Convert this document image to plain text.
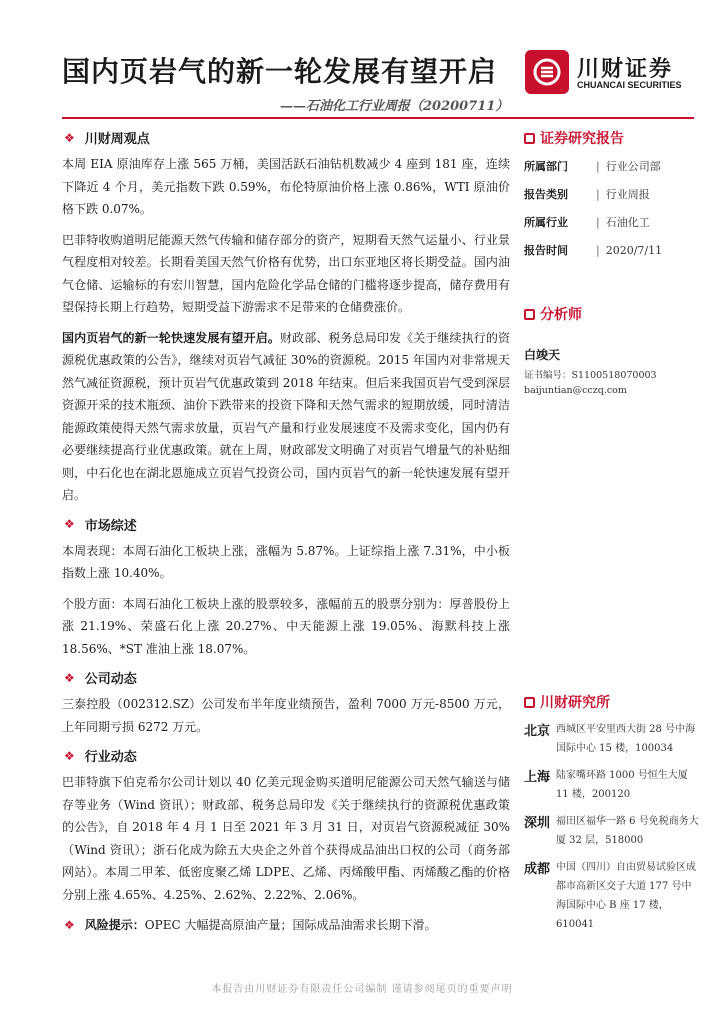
国内页岩气的新一轮发展有望开启
——石油化工行业周报（20200711）
川财证券
CHUANCAI SECURITIES
❖ 川财周观点

本周 EIA 原油库存上涨 565 万桶，美国活跃石油钻机数减少 4 座到 181 座，连续下降近 4 个月，美元指数下跌 0.59%，布伦特原油价格上涨 0.86%，WTI 原油价格下跌 0.07%。

巴菲特收购道明尼能源天然气传输和储存部分的资产，短期看天然气运量小、行业景气程度相对较差。长期看美国天然气价格有优势，出口东亚地区将长期受益。国内油气仓储、运输标的有宏川智慧，国内危险化学品仓储的门槛将逐步提高，储存费用有望保持长期上行趋势，短期受益下游需求不足带来的仓储费涨价。

国内页岩气的新一轮快速发展有望开启。财政部、税务总局印发《关于继续执行的资源税优惠政策的公告》，继续对页岩气减征 30%的资源税。2015 年国内对非常规天然气减征资源税，预计页岩气优惠政策到 2018 年结束。但后来我国页岩气受到深层资源开采的技术瓶颈、油价下跌带来的投资下降和天然气需求的短期放缓，同时清洁能源政策使得天然气需求放量，页岩气产量和行业发展速度不及需求变化，国内仍有必要继续提高行业优惠政策。就在上周，财政部发文明确了对页岩气增量气的补贴细则，中石化也在湖北恩施成立页岩气投资公司，国内页岩气的新一轮快速发展有望开启。

❖ 市场综述

本周表现：本周石油化工板块上涨，涨幅为 5.87%。上证综指上涨 7.31%，中小板指数上涨 10.40%。

个股方面：本周石油化工板块上涨的股票较多，涨幅前五的股票分别为：厚普股份上涨 21.19%、荣盛石化上涨 20.27%、中天能源上涨 19.05%、海默科技上涨 18.56%、*ST 准油上涨 18.07%。

❖ 公司动态

三泰控股（002312.SZ）公司发布半年度业绩预告，盈利 7000 万元-8500 万元，上年同期亏损 6272 万元。

❖ 行业动态

巴菲特旗下伯克希尔公司计划以 40 亿美元现金购买道明尼能源公司天然气输送与储存等业务（Wind 资讯）；财政部、税务总局印发《关于继续执行的资源税优惠政策的公告》，自 2018 年 4 月 1 日至 2021 年 3 月 31 日，对页岩气资源税减征 30%（Wind 资讯）；浙石化成为除五大央企之外首个获得成品油出口权的公司（商务部网站）。本周二甲苯、低密度聚乙烯 LDPE、乙烯、丙烯酸甲酯、丙烯酸乙酯的价格分别上涨 4.65%、4.25%、2.62%、2.22%、2.06%。

❖ 风险提示：OPEC 大幅提高原油产量；国际成品油需求长期下滑。
证券研究报告
所属部门	| 行业公司部
报告类别	| 行业周报
所属行业	| 石油化工
报告时间	| 2020/7/11
分析师
白竣天
证书编号：S1100518070003
baijuntian@cczq.com
川财研究所
北京 西城区平安里西大街 28 号中海国际中心 15 楼，100034
上海 陆家嘴环路 1000 号恒生大厦 11 楼，200120
深圳 福田区福华一路 6 号免税商务大厦 32 层，518000
成都 中国（四川）自由贸易试验区成都市高新区交子大道 177 号中海国际中心 B 座 17 楼，610041
本报告由川财证券有限责任公司编制 谨请参阅尾页的重要声明
